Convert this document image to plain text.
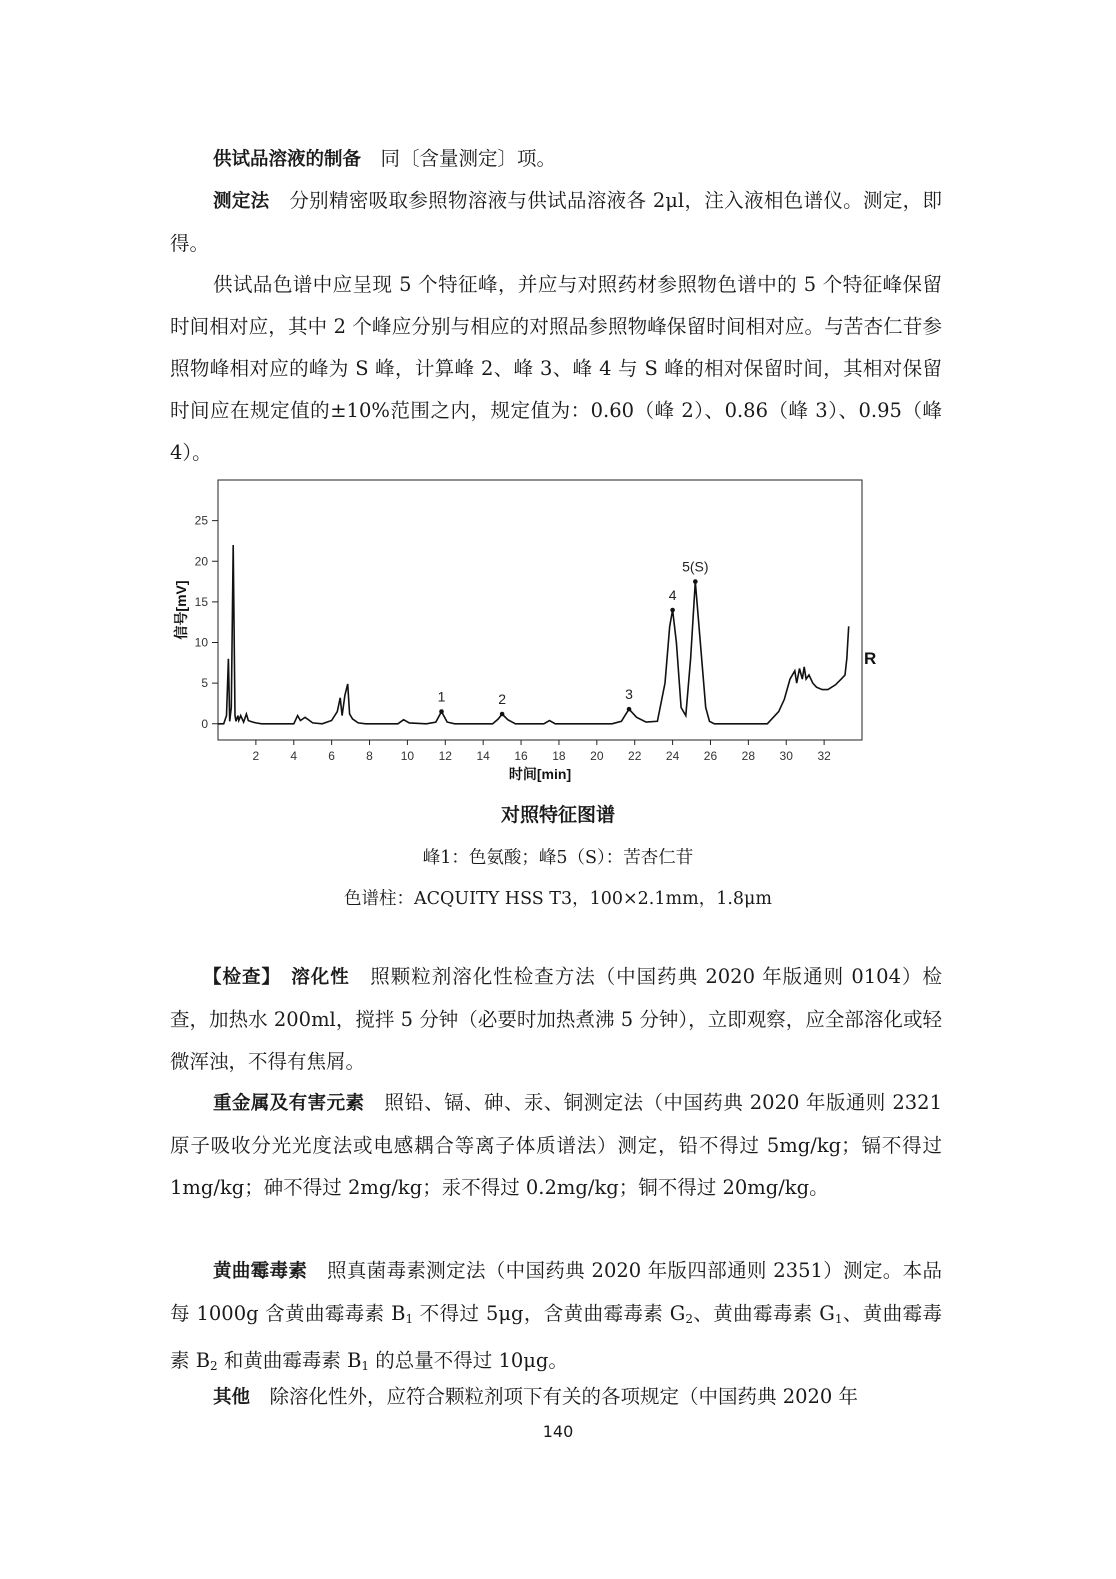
供试品溶液的制备　同〔含量测定〕项。

测定法　分别精密吸取参照物溶液与供试品溶液各 2μl，注入液相色谱仪。测定，即得。

供试品色谱中应呈现 5 个特征峰，并应与对照药材参照物色谱中的 5 个特征峰保留时间相对应，其中 2 个峰应分别与相应的对照品参照物峰保留时间相对应。与苦杏仁苷参照物峰相对应的峰为 S 峰，计算峰 2、峰 3、峰 4 与 S 峰的相对保留时间，其相对保留时间应在规定值的±10%范围之内，规定值为：0.60（峰 2）、0.86（峰 3）、0.95（峰 4）。

0
5
10
15
20
25
2	4	6	8 10 12 14 16 18 20 22 24 26 28 30 32
1	2	3
4
5(S)
信号[mV]
时间[min]
R
对照特征图谱
峰1：色氨酸；峰5（S）：苦杏仁苷
色谱柱：ACQUITY HSS T3，100×2.1mm，1.8μm

【检查】　溶化性　照颗粒剂溶化性检查方法（中国药典 2020 年版通则 0104）检查，加热水 200ml，搅拌 5 分钟（必要时加热煮沸 5 分钟），立即观察，应全部溶化或轻微浑浊，不得有焦屑。

重金属及有害元素　照铅、镉、砷、汞、铜测定法（中国药典 2020 年版通则 2321 原子吸收分光光度法或电感耦合等离子体质谱法）测定，铅不得过 5mg/kg；镉不得过 1mg/kg；砷不得过 2mg/kg；汞不得过 0.2mg/kg；铜不得过 20mg/kg。

黄曲霉毒素　照真菌毒素测定法（中国药典 2020 年版四部通则 2351）测定。本品每 1000g 含黄曲霉毒素 $B_1$ 不得过 5μg，含黄曲霉毒素 $G_2$、黄曲霉毒素 $G_1$、黄曲霉毒素 $B_2$ 和黄曲霉毒素 $B_1$ 的总量不得过 10μg。

其他　除溶化性外，应符合颗粒剂项下有关的各项规定（中国药典 2020 年

140
